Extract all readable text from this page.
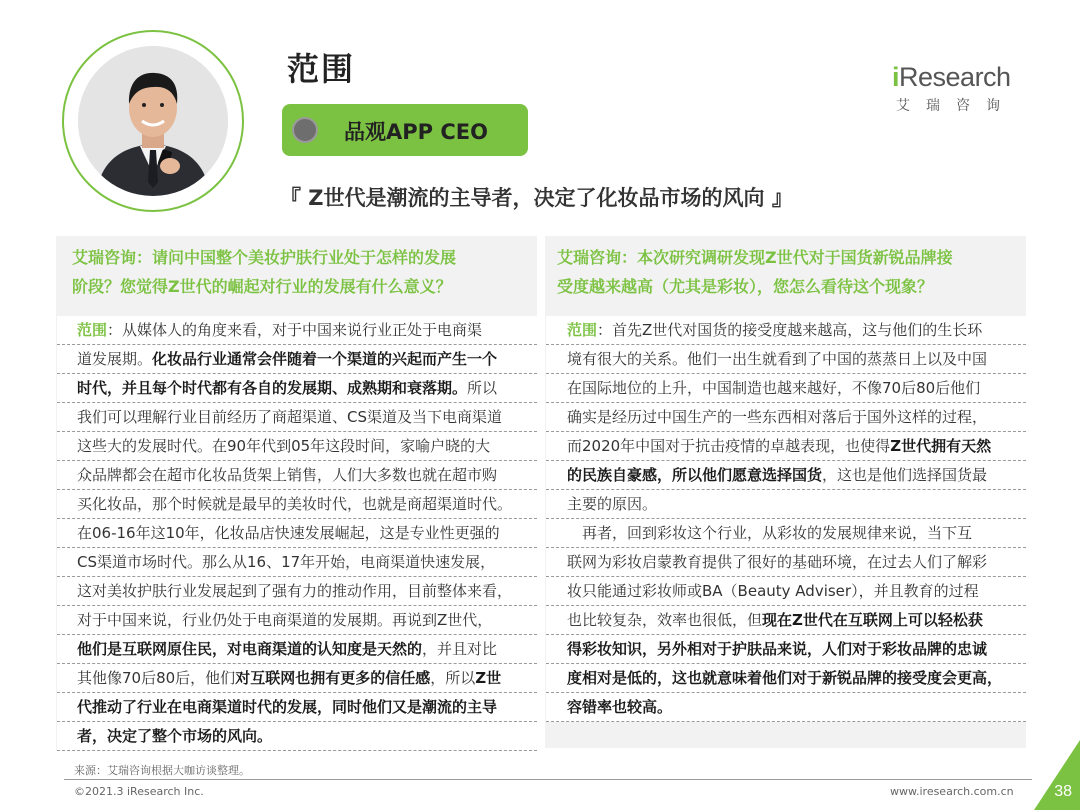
范围
品观APP CEO
iResearch
艾瑞咨询
『 Z世代是潮流的主导者，决定了化妆品市场的风向 』
艾瑞咨询：请问中国整个美妆护肤行业处于怎样的发展
阶段？您觉得Z世代的崛起对行业的发展有什么意义？
范围：从媒体人的角度来看，对于中国来说行业正处于电商渠
道发展期。化妆品行业通常会伴随着一个渠道的兴起而产生一个
时代，并且每个时代都有各自的发展期、成熟期和衰落期。所以
我们可以理解行业目前经历了商超渠道、CS渠道及当下电商渠道
这些大的发展时代。在90年代到05年这段时间，家喻户晓的大
众品牌都会在超市化妆品货架上销售，人们大多数也就在超市购
买化妆品，那个时候就是最早的美妆时代，也就是商超渠道时代。
在06-16年这10年，化妆品店快速发展崛起，这是专业性更强的
CS渠道市场时代。那么从16、17年开始，电商渠道快速发展，
这对美妆护肤行业发展起到了强有力的推动作用，目前整体来看，
对于中国来说，行业仍处于电商渠道的发展期。再说到Z世代，
他们是互联网原住民，对电商渠道的认知度是天然的，并且对比
其他像70后80后，他们对互联网也拥有更多的信任感，所以Z世
代推动了行业在电商渠道时代的发展，同时他们又是潮流的主导
者，决定了整个市场的风向。
艾瑞咨询：本次研究调研发现Z世代对于国货新锐品牌接
受度越来越高（尤其是彩妆），您怎么看待这个现象？
范围：首先Z世代对国货的接受度越来越高，这与他们的生长环
境有很大的关系。他们一出生就看到了中国的蒸蒸日上以及中国
在国际地位的上升，中国制造也越来越好，不像70后80后他们
确实是经历过中国生产的一些东西相对落后于国外这样的过程，
而2020年中国对于抗击疫情的卓越表现，也使得Z世代拥有天然
的民族自豪感，所以他们愿意选择国货，这也是他们选择国货最
主要的原因。
　再者，回到彩妆这个行业，从彩妆的发展规律来说，当下互
联网为彩妆启蒙教育提供了很好的基础环境，在过去人们了解彩
妆只能通过彩妆师或BA（Beauty Adviser），并且教育的过程
也比较复杂，效率也很低，但现在Z世代在互联网上可以轻松获
得彩妆知识，另外相对于护肤品来说，人们对于彩妆品牌的忠诚
度相对是低的，这也就意味着他们对于新锐品牌的接受度会更高，
容错率也较高。
来源：艾瑞咨询根据大咖访谈整理。
©2021.3 iResearch Inc.	www.iresearch.com.cn	38
